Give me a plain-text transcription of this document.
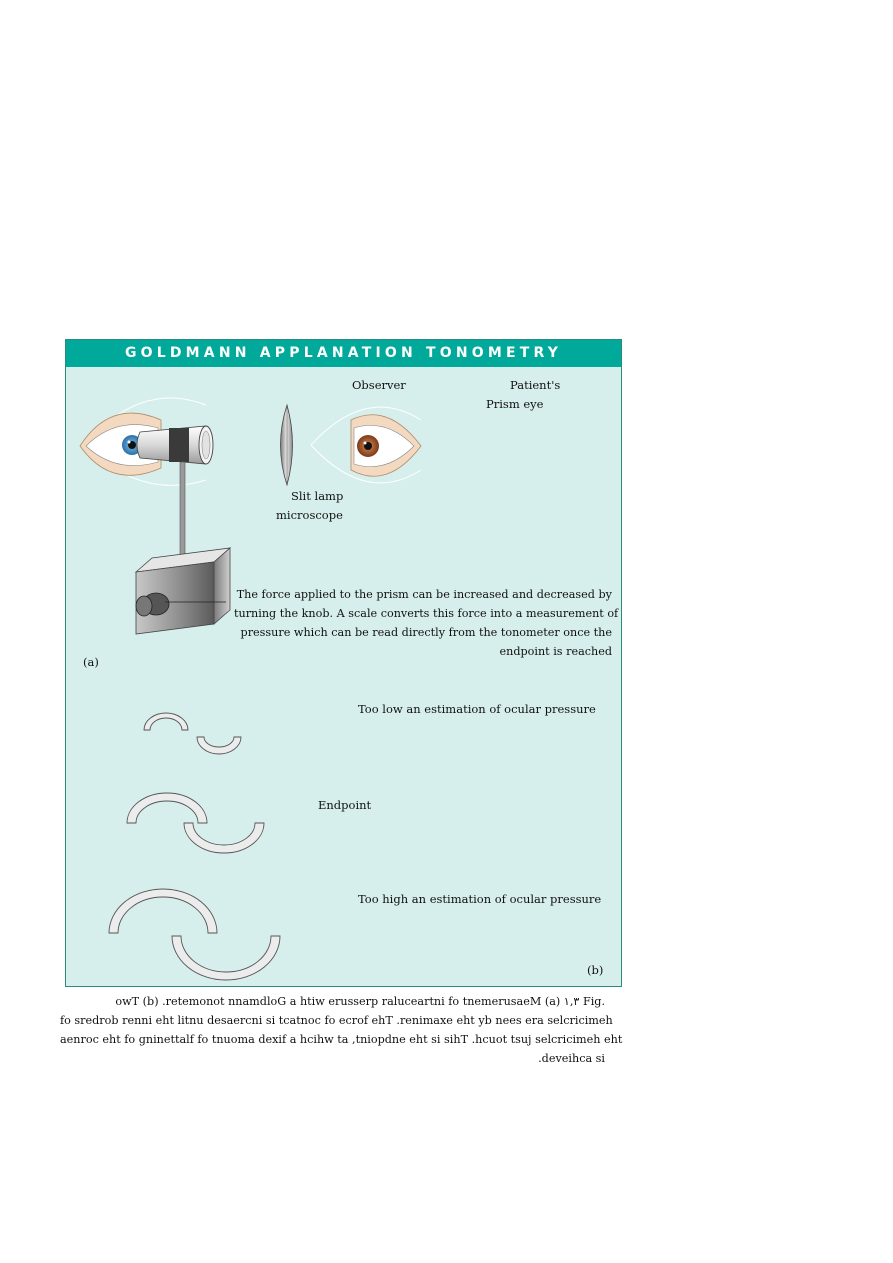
GOLDMANN APPLANATION TONOMETRY
Observer	Patient's
Prism eye
Slit lamp
microscope
The force applied to the prism can be increased and decreased by
turning the knob. A scale converts this force into a measurement of
pressure which can be read directly from the tonometer once the
endpoint is reached
(a)
Too low an estimation of ocular pressure
Endpoint
Too high an estimation of ocular pressure
(b)
owT (b) .retemonot nnamdloG a htiw erusserp raluceartni fo tnemerusaeM (a) ۱,۳ Fig.
fo sredrob renni eht litnu desaercni si tcatnoc fo ecrof ehT .renimaxe eht yb nees era selcricimeh
aenroc eht fo gninettalf fo tnuoma dexif a hcihw ta ,tniopdne eht si sihT .hcuot tsuj selcricimeh eht
.deveihca si
